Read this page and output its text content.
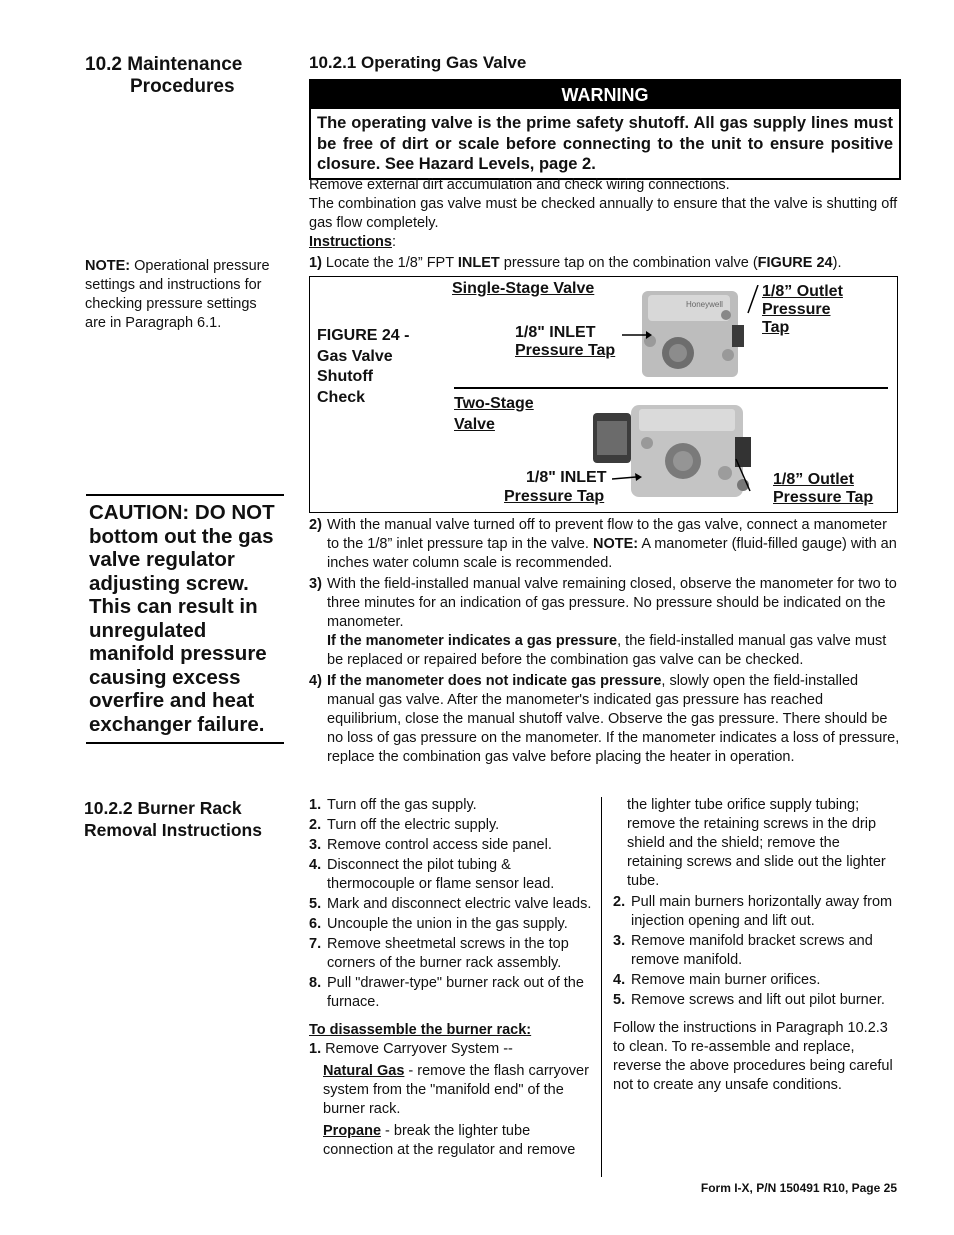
10.2 Maintenance
Procedures
NOTE: Operational pressure settings and instructions for checking pressure settings are in Paragraph 6.1.
CAUTION: DO NOT bottom out the gas valve regulator adjusting screw. This can result in unregulated manifold pressure causing excess overfire and heat exchanger failure.
10.2.2 Burner Rack
Removal Instructions
10.2.1 Operating Gas Valve
WARNING
The operating valve is the prime safety shutoff. All gas supply lines must be free of dirt or scale before connecting to the unit to ensure positive closure. See Hazard Levels, page 2.
Remove external dirt accumulation and check wiring connections.
The combination gas valve must be checked annually to ensure that the valve is shutting off gas flow completely.
Instructions:
1) Locate the 1/8” FPT INLET pressure tap on the combination valve (FIGURE 24).
FIGURE 24 -
Gas Valve
Shutoff
Check
Honeywell
Single-Stage Valve
1/8" INLET
Pressure Tap
1/8” Outlet
Pressure
Tap
Two-Stage
Valve
1/8" INLET
Pressure Tap
1/8” Outlet
Pressure Tap
2) With the manual valve turned off to prevent flow to the gas valve, connect a manometer to the 1/8” inlet pressure tap in the valve. NOTE: A manometer (fluid-filled gauge) with an inches water column scale is recommended.
3) With the field-installed manual valve remaining closed, observe the manometer for two to three minutes for an indication of gas pressure. No pressure should be indicated on the manometer.
If the manometer indicates a gas pressure, the field-installed manual gas valve must be replaced or repaired before the combination gas valve can be checked.
4) If the manometer does not indicate gas pressure, slowly open the field-installed manual gas valve. After the manometer's indicated gas pressure has reached equilibrium, close the manual shutoff valve. Observe the gas pressure. There should be no loss of gas pressure on the manometer. If the manometer indicates a loss of pressure, replace the combination gas valve before placing the heater in operation.
1. Turn off the gas supply.
2. Turn off the electric supply.
3. Remove control access side panel.
4. Disconnect the pilot tubing & thermocouple or flame sensor lead.
5. Mark and disconnect electric valve leads.
6. Uncouple the union in the gas supply.
7. Remove sheetmetal screws in the top corners of the burner rack assembly.
8. Pull "drawer-type" burner rack out of the furnace.
To disassemble the burner rack:
1. Remove Carryover System --
Natural Gas - remove the flash carryover system from the "manifold end" of the burner rack.
Propane - break the lighter tube connection at the regulator and remove
the lighter tube orifice supply tubing; remove the retaining screws in the drip shield and the shield; remove the retaining screws and slide out the lighter tube.
2. Pull main burners horizontally away from injection opening and lift out.
3. Remove manifold bracket screws and remove manifold.
4. Remove main burner orifices.
5. Remove screws and lift out pilot burner.
Follow the instructions in Paragraph 10.2.3 to clean. To re-assemble and replace, reverse the above procedures being careful not to create any unsafe conditions.
Form I-X, P/N 150491 R10, Page 25
